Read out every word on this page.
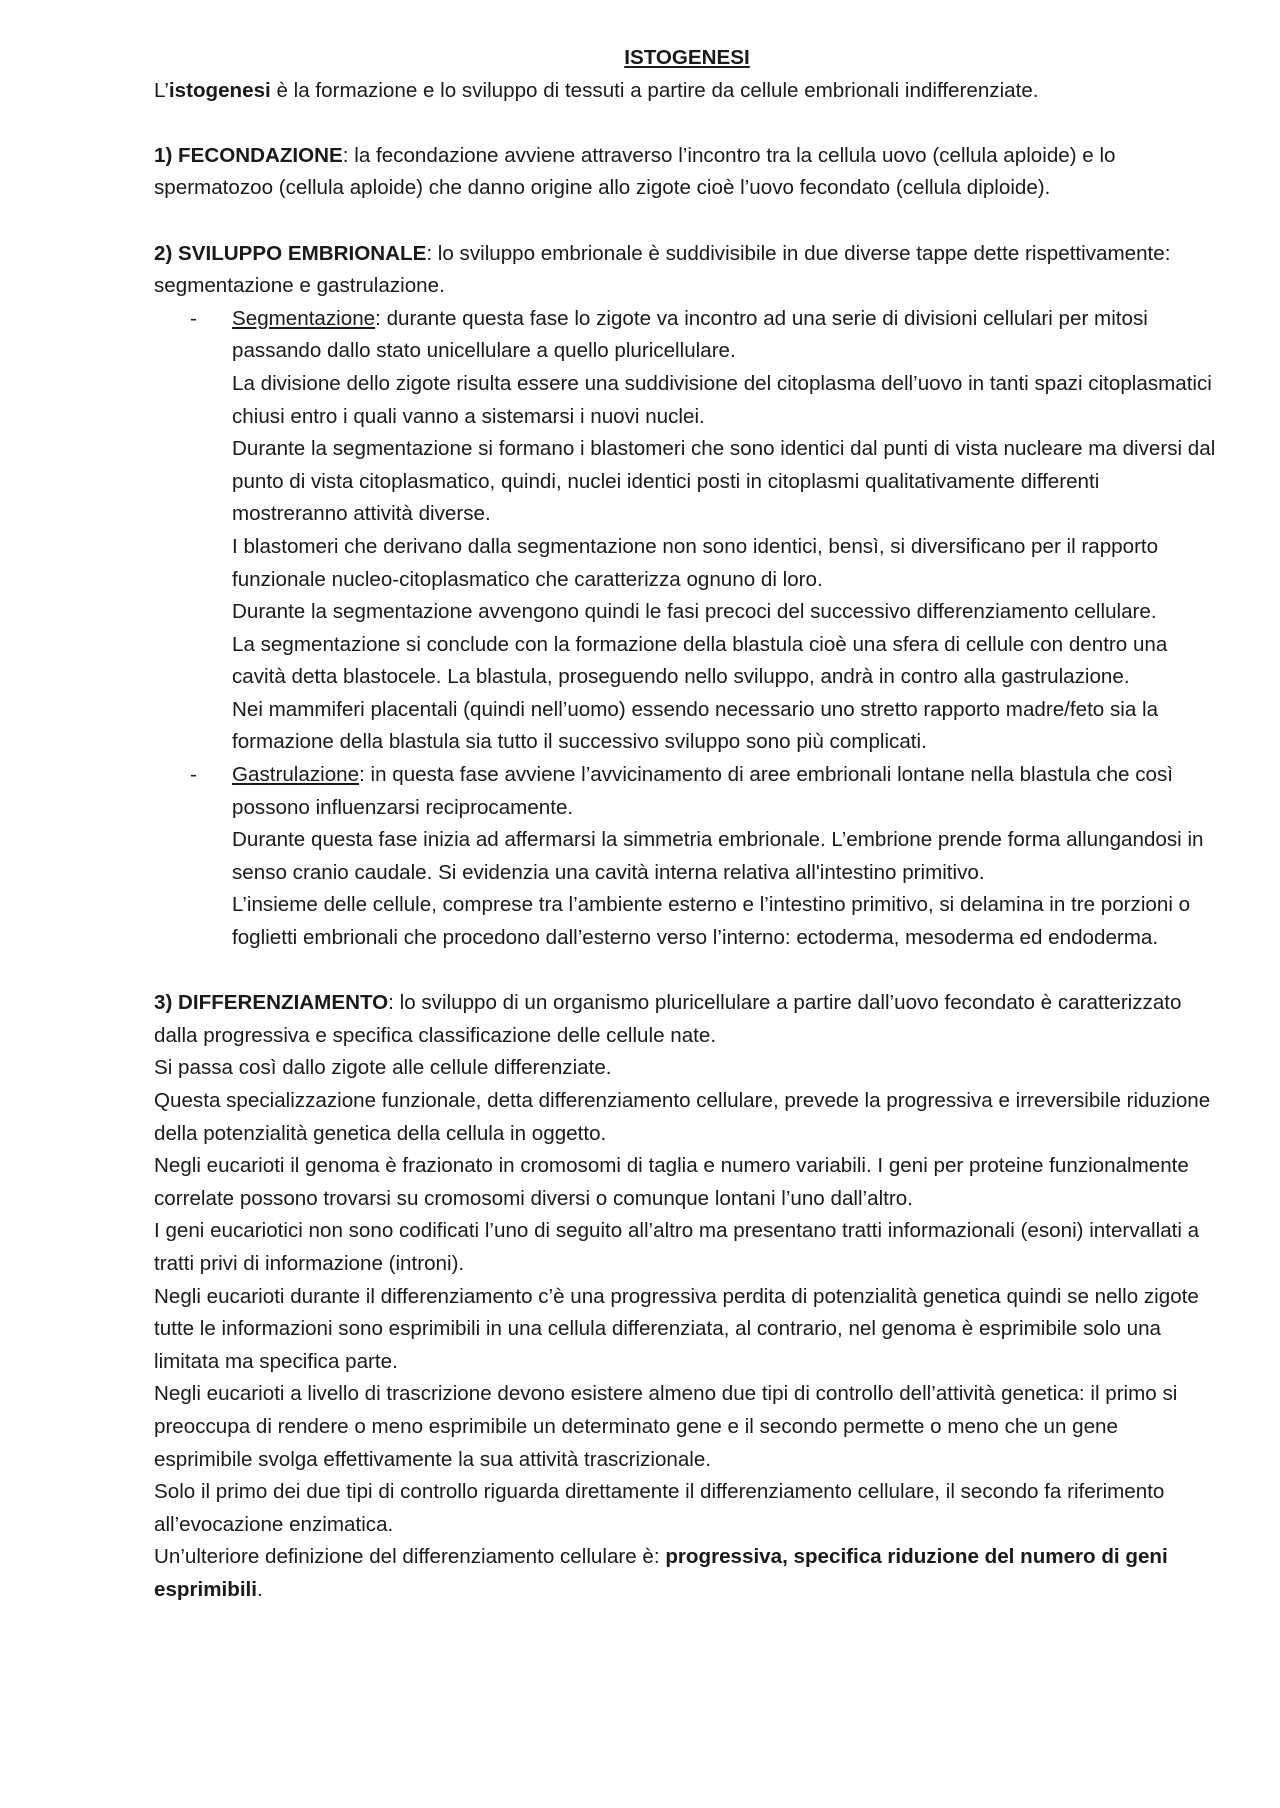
ISTOGENESI

L’istogenesi è la formazione e lo sviluppo di tessuti a partire da cellule embrionali indifferenziate.

1) FECONDAZIONE: la fecondazione avviene attraverso l’incontro tra la cellula uovo (cellula aploide) e lo spermatozoo (cellula aploide) che danno origine allo zigote cioè l’uovo fecondato (cellula diploide).

2) SVILUPPO EMBRIONALE: lo sviluppo embrionale è suddivisibile in due diverse tappe dette rispettivamente: segmentazione e gastrulazione.

- Segmentazione: durante questa fase lo zigote va incontro ad una serie di divisioni cellulari per mitosi passando dallo stato unicellulare a quello pluricellulare.

La divisione dello zigote risulta essere una suddivisione del citoplasma dell’uovo in tanti spazi citoplasmatici chiusi entro i quali vanno a sistemarsi i nuovi nuclei.

Durante la segmentazione si formano i blastomeri che sono identici dal punti di vista nucleare ma diversi dal punto di vista citoplasmatico, quindi, nuclei identici posti in citoplasmi qualitativamente differenti mostreranno attività diverse.

I blastomeri che derivano dalla segmentazione non sono identici, bensì, si diversificano per il rapporto funzionale nucleo-citoplasmatico che caratterizza ognuno di loro.

Durante la segmentazione avvengono quindi le fasi precoci del successivo differenziamento cellulare.

La segmentazione si conclude con la formazione della blastula cioè una sfera di cellule con dentro una cavità detta blastocele. La blastula, proseguendo nello sviluppo, andrà in contro alla gastrulazione.

Nei mammiferi placentali (quindi nell’uomo) essendo necessario uno stretto rapporto madre/feto sia la formazione della blastula sia tutto il successivo sviluppo sono più complicati.

- Gastrulazione: in questa fase avviene l’avvicinamento di aree embrionali lontane nella blastula che così possono influenzarsi reciprocamente.

Durante questa fase inizia ad affermarsi la simmetria embrionale. L’embrione prende forma allungandosi in senso cranio caudale. Si evidenzia una cavità interna relativa all'intestino primitivo.

L’insieme delle cellule, comprese tra l’ambiente esterno e l’intestino primitivo, si delamina in tre porzioni o foglietti embrionali che procedono dall’esterno verso l’interno: ectoderma, mesoderma ed endoderma.

3) DIFFERENZIAMENTO: lo sviluppo di un organismo pluricellulare a partire dall’uovo fecondato è caratterizzato dalla progressiva e specifica classificazione delle cellule nate.

Si passa così dallo zigote alle cellule differenziate.

Questa specializzazione funzionale, detta differenziamento cellulare, prevede la progressiva e irreversibile riduzione della potenzialità genetica della cellula in oggetto.

Negli eucarioti il genoma è frazionato in cromosomi di taglia e numero variabili. I geni per proteine funzionalmente correlate possono trovarsi su cromosomi diversi o comunque lontani l’uno dall’altro.

I geni eucariotici non sono codificati l’uno di seguito all’altro ma presentano tratti informazionali (esoni) intervallati a tratti privi di informazione (introni).

Negli eucarioti durante il differenziamento c’è una progressiva perdita di potenzialità genetica quindi se nello zigote tutte le informazioni sono esprimibili in una cellula differenziata, al contrario, nel genoma è esprimibile solo una limitata ma specifica parte.

Negli eucarioti a livello di trascrizione devono esistere almeno due tipi di controllo dell’attività genetica: il primo si preoccupa di rendere o meno esprimibile un determinato gene e il secondo permette o meno che un gene esprimibile svolga effettivamente la sua attività trascrizionale.

Solo il primo dei due tipi di controllo riguarda direttamente il differenziamento cellulare, il secondo fa riferimento all’evocazione enzimatica.

Un’ulteriore definizione del differenziamento cellulare è: progressiva, specifica riduzione del numero di geni esprimibili.
